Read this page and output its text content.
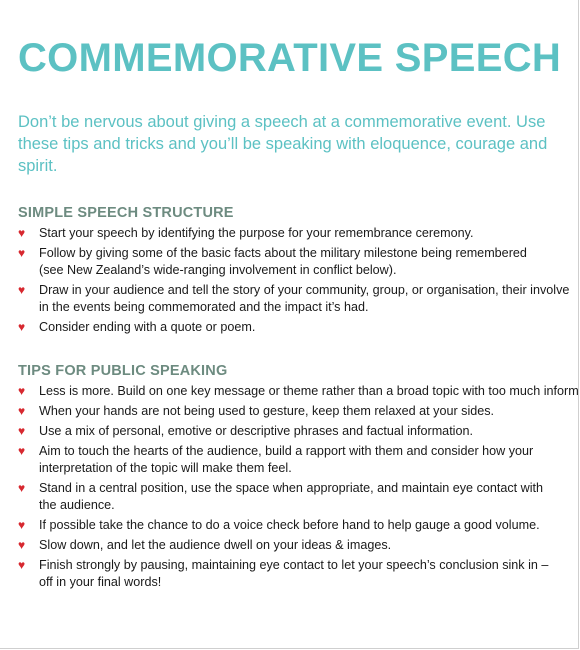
COMMEMORATIVE SPEECH

Don’t be nervous about giving a speech at a commemorative event. Use these tips and tricks and you’ll be speaking with eloquence, courage and spirit.

SIMPLE SPEECH STRUCTURE
♥ Start your speech by identifying the purpose for your remembrance ceremony.
♥ Follow by giving some of the basic facts about the military milestone being remembered
(see New Zealand’s wide-ranging involvement in conflict below).
♥ Draw in your audience and tell the story of your community, group, or organisation, their involve
in the events being commemorated and the impact it’s had.
♥ Consider ending with a quote or poem.
TIPS FOR PUBLIC SPEAKING
♥ Less is more. Build on one key message or theme rather than a broad topic with too much inform
♥ When your hands are not being used to gesture, keep them relaxed at your sides.
♥ Use a mix of personal, emotive or descriptive phrases and factual information.
♥ Aim to touch the hearts of the audience, build a rapport with them and consider how your
interpretation of the topic will make them feel.
♥ Stand in a central position, use the space when appropriate, and maintain eye contact with
the audience.
♥ If possible take the chance to do a voice check before hand to help gauge a good volume.
♥ Slow down, and let the audience dwell on your ideas & images.
♥ Finish strongly by pausing, maintaining eye contact to let your speech’s conclusion sink in –
off in your final words!
